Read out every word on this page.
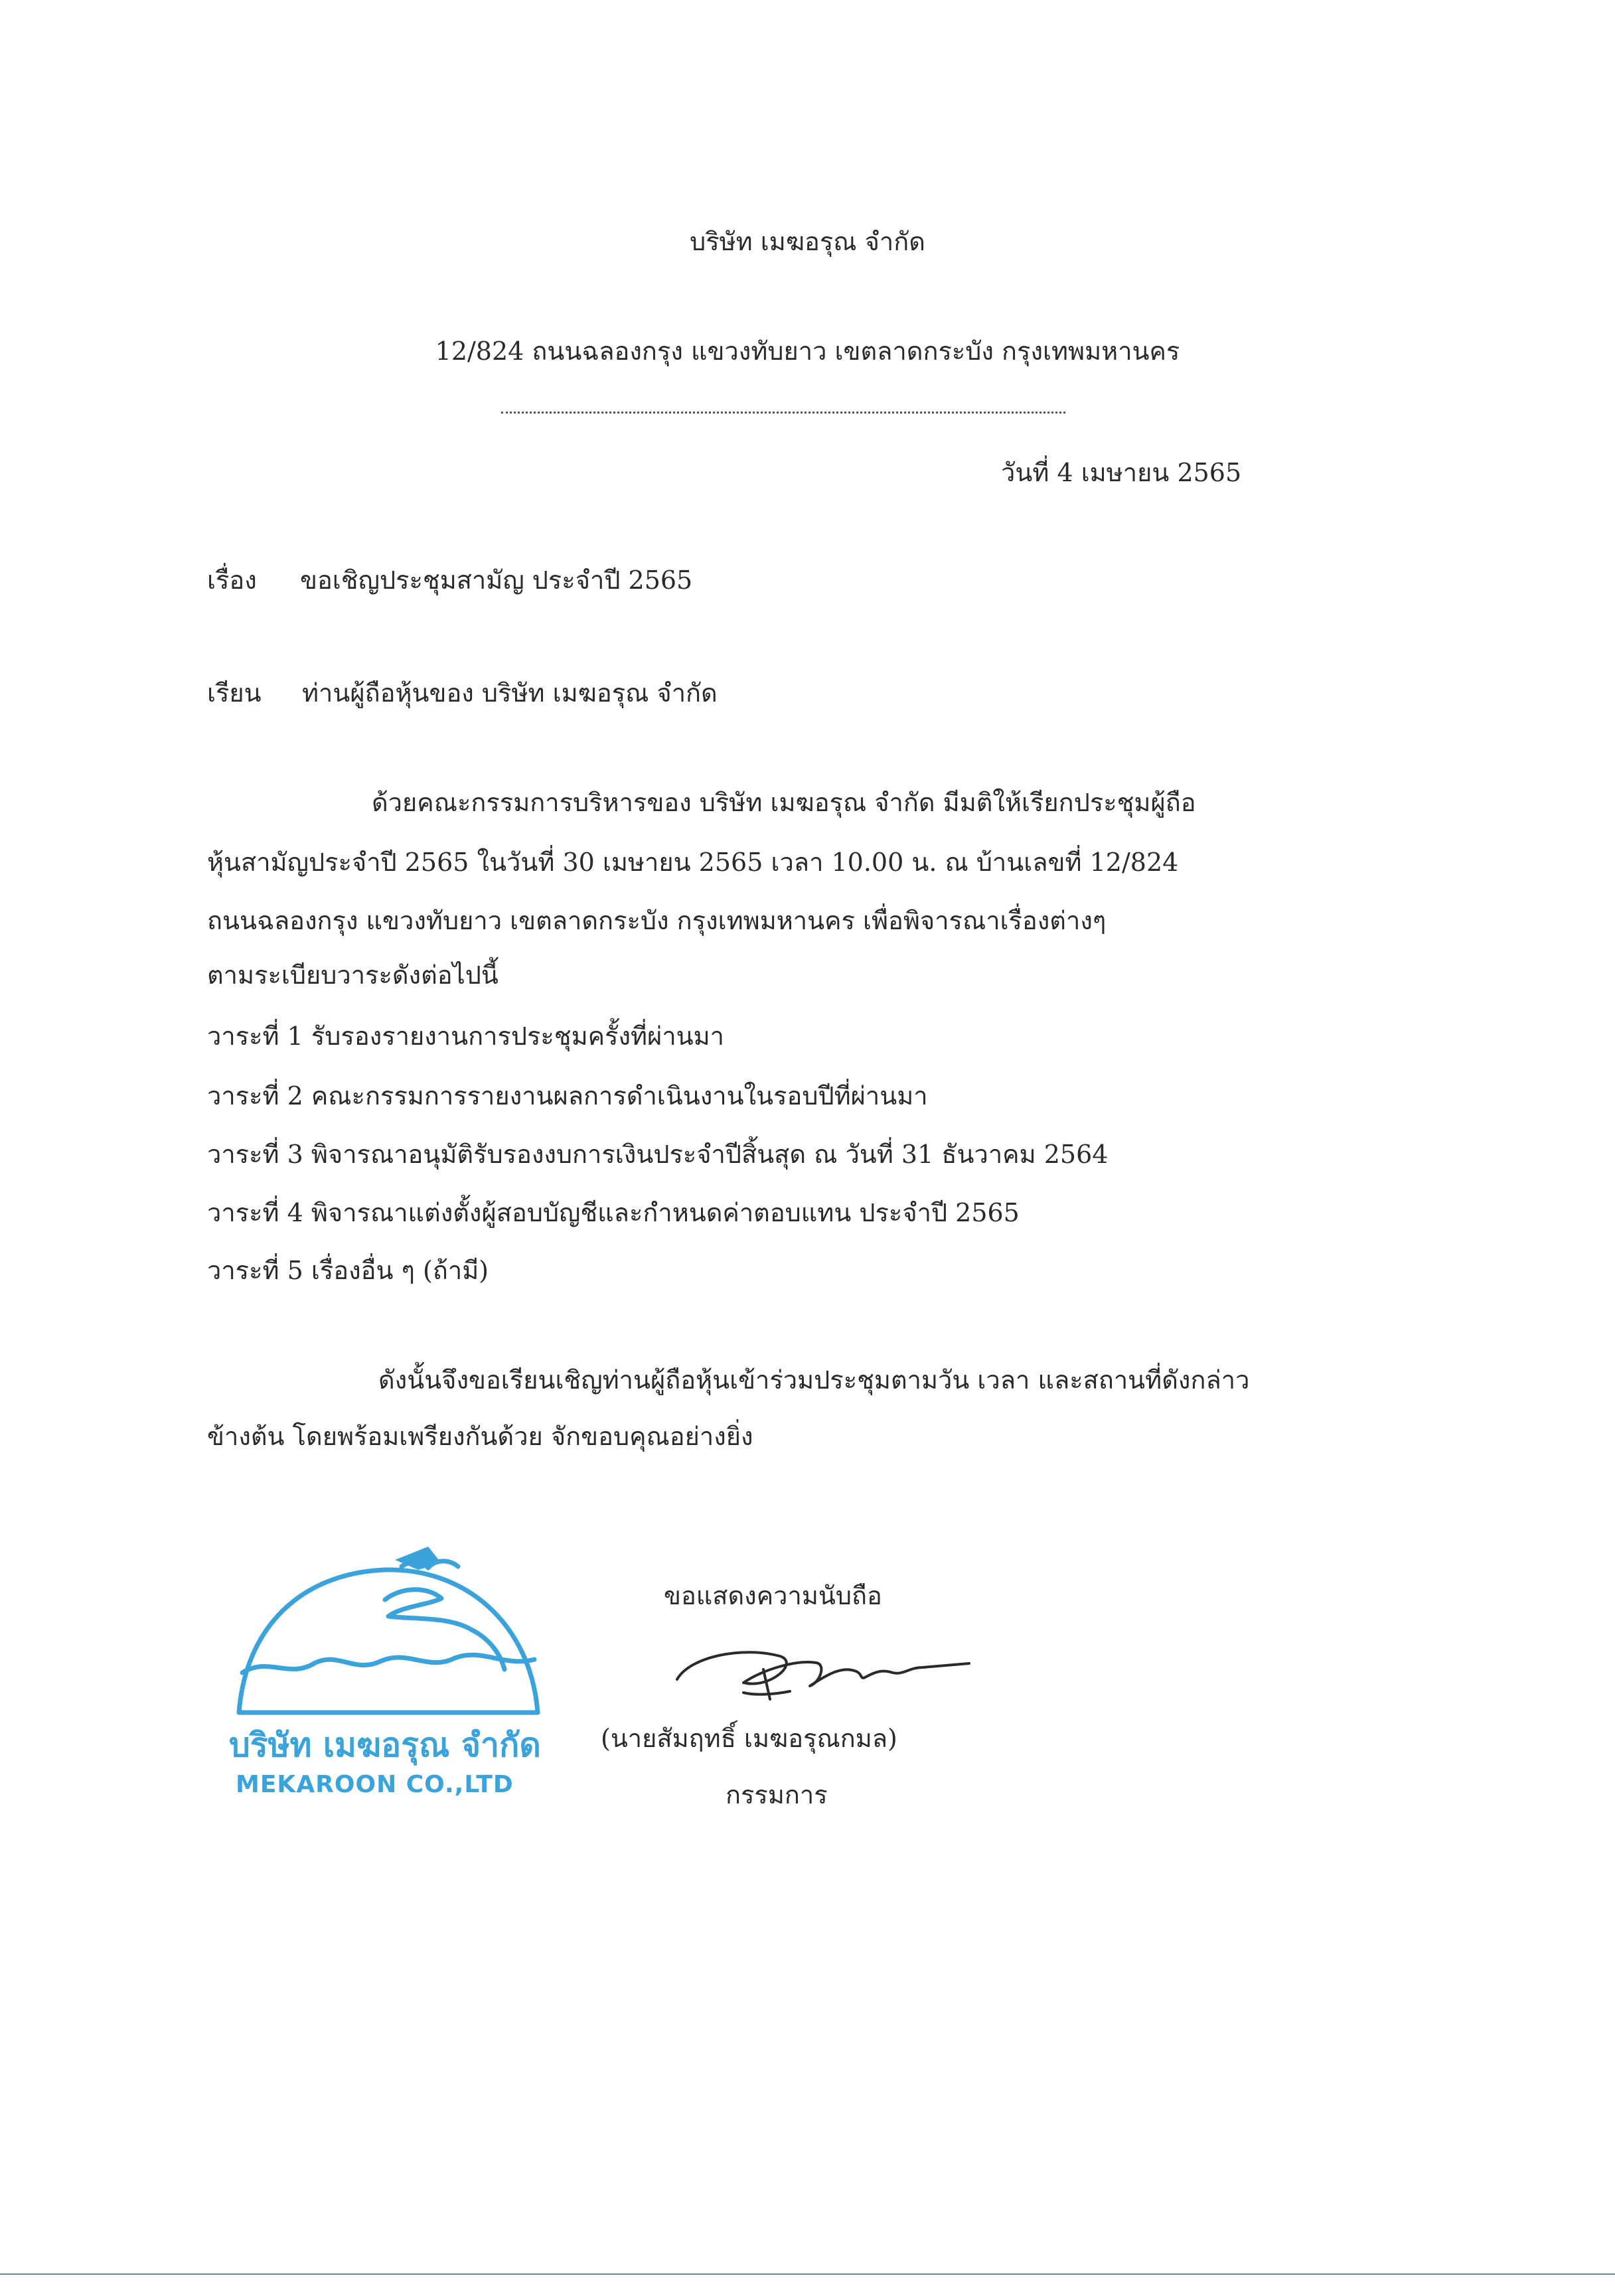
บริษัท เมฆอรุณ จำกัด
12/824 ถนนฉลองกรุง แขวงทับยาว เขตลาดกระบัง กรุงเทพมหานคร
วันที่ 4 เมษายน 2565
เรื่อง ขอเชิญประชุมสามัญ ประจำปี 2565
เรียน ท่านผู้ถือหุ้นของ บริษัท เมฆอรุณ จำกัด
ด้วยคณะกรรมการบริหารของ บริษัท เมฆอรุณ จำกัด มีมติให้เรียกประชุมผู้ถือ
หุ้นสามัญประจำปี 2565 ในวันที่ 30 เมษายน 2565 เวลา 10.00 น. ณ บ้านเลขที่ 12/824
ถนนฉลองกรุง แขวงทับยาว เขตลาดกระบัง กรุงเทพมหานคร เพื่อพิจารณาเรื่องต่างๆ
ตามระเบียบวาระดังต่อไปนี้
วาระที่ 1 รับรองรายงานการประชุมครั้งที่ผ่านมา
วาระที่ 2 คณะกรรมการรายงานผลการดำเนินงานในรอบปีที่ผ่านมา
วาระที่ 3 พิจารณาอนุมัติรับรองงบการเงินประจำปีสิ้นสุด ณ วันที่ 31 ธันวาคม 2564
วาระที่ 4 พิจารณาแต่งตั้งผู้สอบบัญชีและกำหนดค่าตอบแทน ประจำปี 2565
วาระที่ 5 เรื่องอื่น ๆ (ถ้ามี)
ดังนั้นจึงขอเรียนเชิญท่านผู้ถือหุ้นเข้าร่วมประชุมตามวัน เวลา และสถานที่ดังกล่าว
ข้างต้น โดยพร้อมเพรียงกันด้วย จักขอบคุณอย่างยิ่ง
บริษัท เมฆอรุณ จำกัด
MEKAROON CO.,LTD
ขอแสดงความนับถือ
(นายสัมฤทธิ์ เมฆอรุณกมล)
กรรมการ
